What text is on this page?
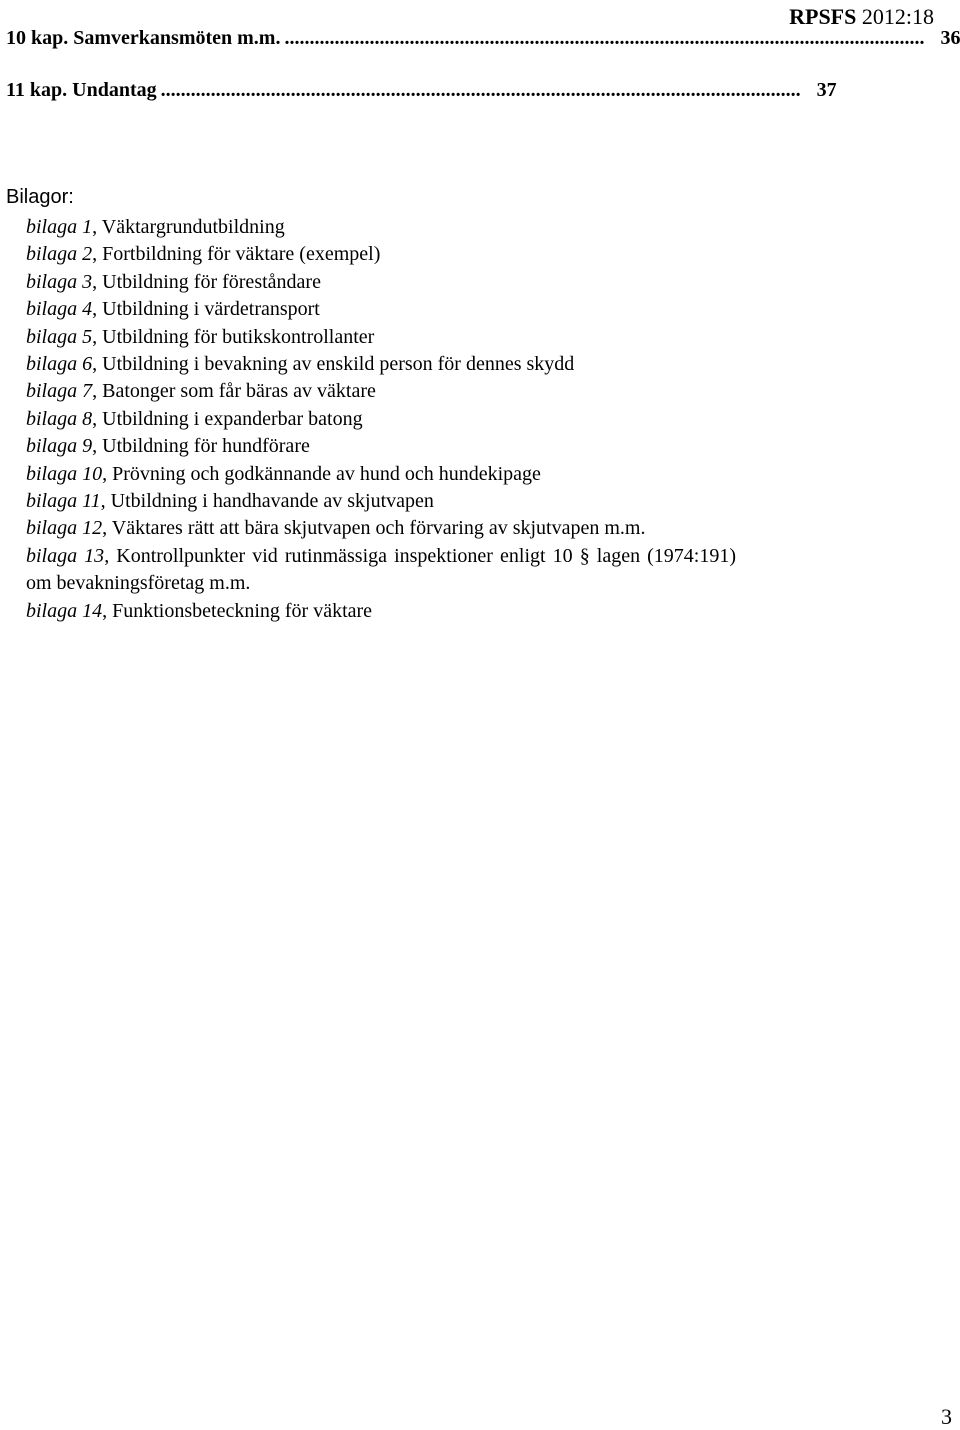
RPSFS 2012:18
10 kap. Samverkansmöten m.m. ................................................................................................................................ 36
11 kap. Undantag ................................................................................................................................ 37
Bilagor:
bilaga 1, Väktargrundutbildning
bilaga 2, Fortbildning för väktare (exempel)
bilaga 3, Utbildning för föreståndare
bilaga 4, Utbildning i värdetransport
bilaga 5, Utbildning för butikskontrollanter
bilaga 6, Utbildning i bevakning av enskild person för dennes skydd
bilaga 7, Batonger som får bäras av väktare
bilaga 8, Utbildning i expanderbar batong
bilaga 9, Utbildning för hundförare
bilaga 10, Prövning och godkännande av hund och hundekipage
bilaga 11, Utbildning i handhavande av skjutvapen
bilaga 12, Väktares rätt att bära skjutvapen och förvaring av skjutvapen m.m.
bilaga 13, Kontrollpunkter vid rutinmässiga inspektioner enligt 10 § lagen (1974:191) om bevakningsföretag m.m.
bilaga 14, Funktionsbeteckning för väktare
3
